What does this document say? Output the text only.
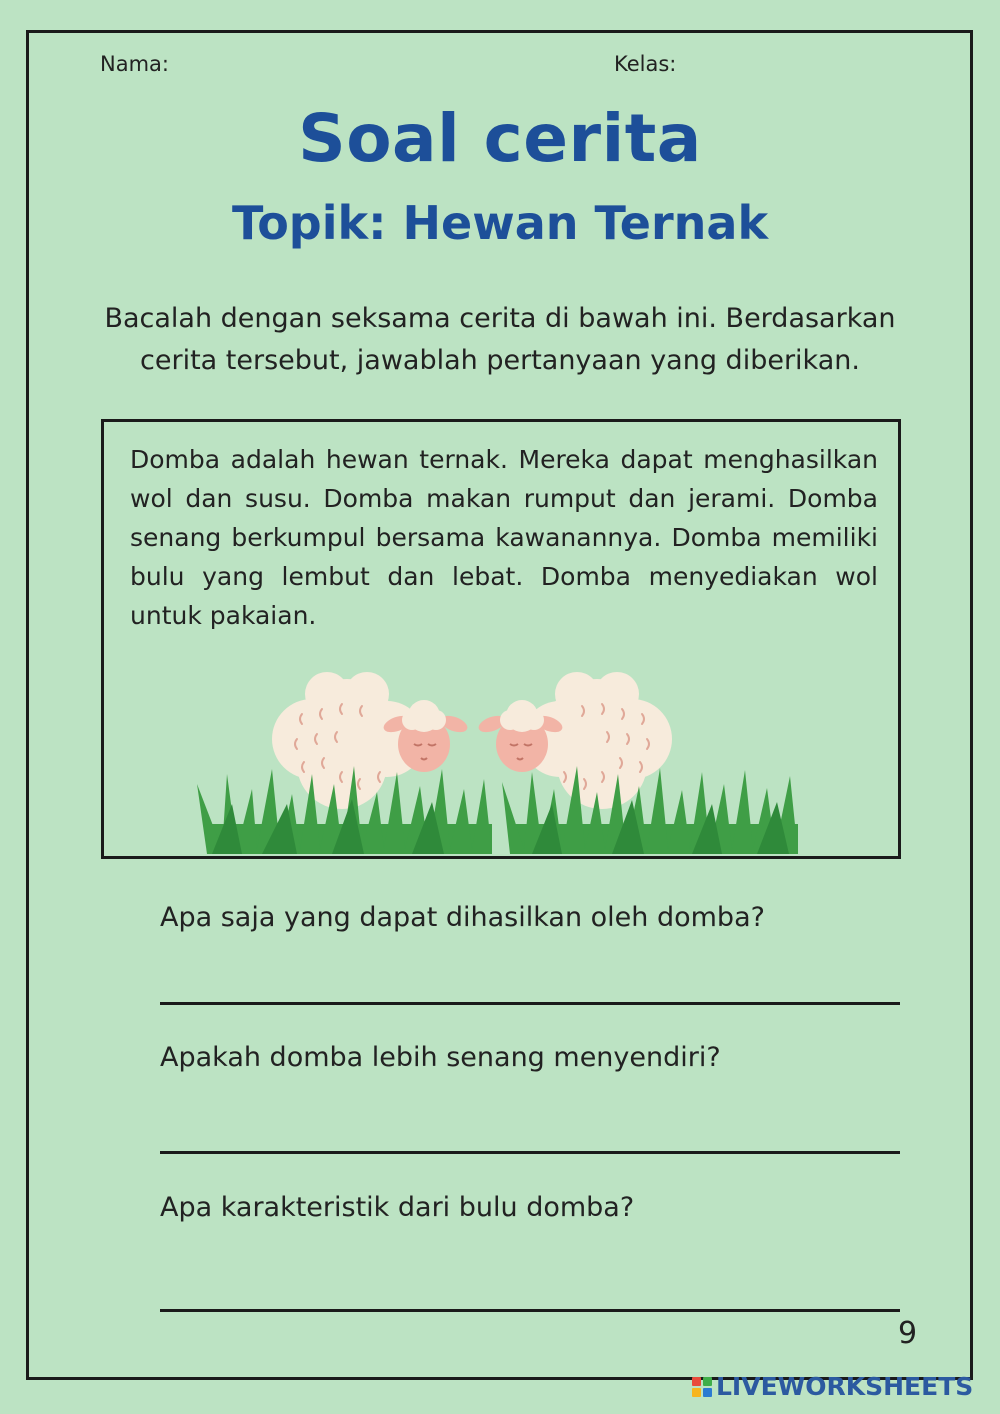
Nama:	Kelas:
Soal cerita
Topik: Hewan Ternak
Bacalah dengan seksama cerita di bawah ini. Berdasarkan cerita tersebut, jawablah pertanyaan yang diberikan.
Domba adalah hewan ternak. Mereka dapat menghasilkan wol dan susu. Domba makan rumput dan jerami. Domba senang berkumpul bersama kawanannya. Domba memiliki bulu yang lembut dan lebat. Domba menyediakan wol untuk pakaian.
Apa saja yang dapat dihasilkan oleh domba?
Apakah domba lebih senang menyendiri?
Apa karakteristik dari bulu domba?
9
LIVEWORKSHEETS
